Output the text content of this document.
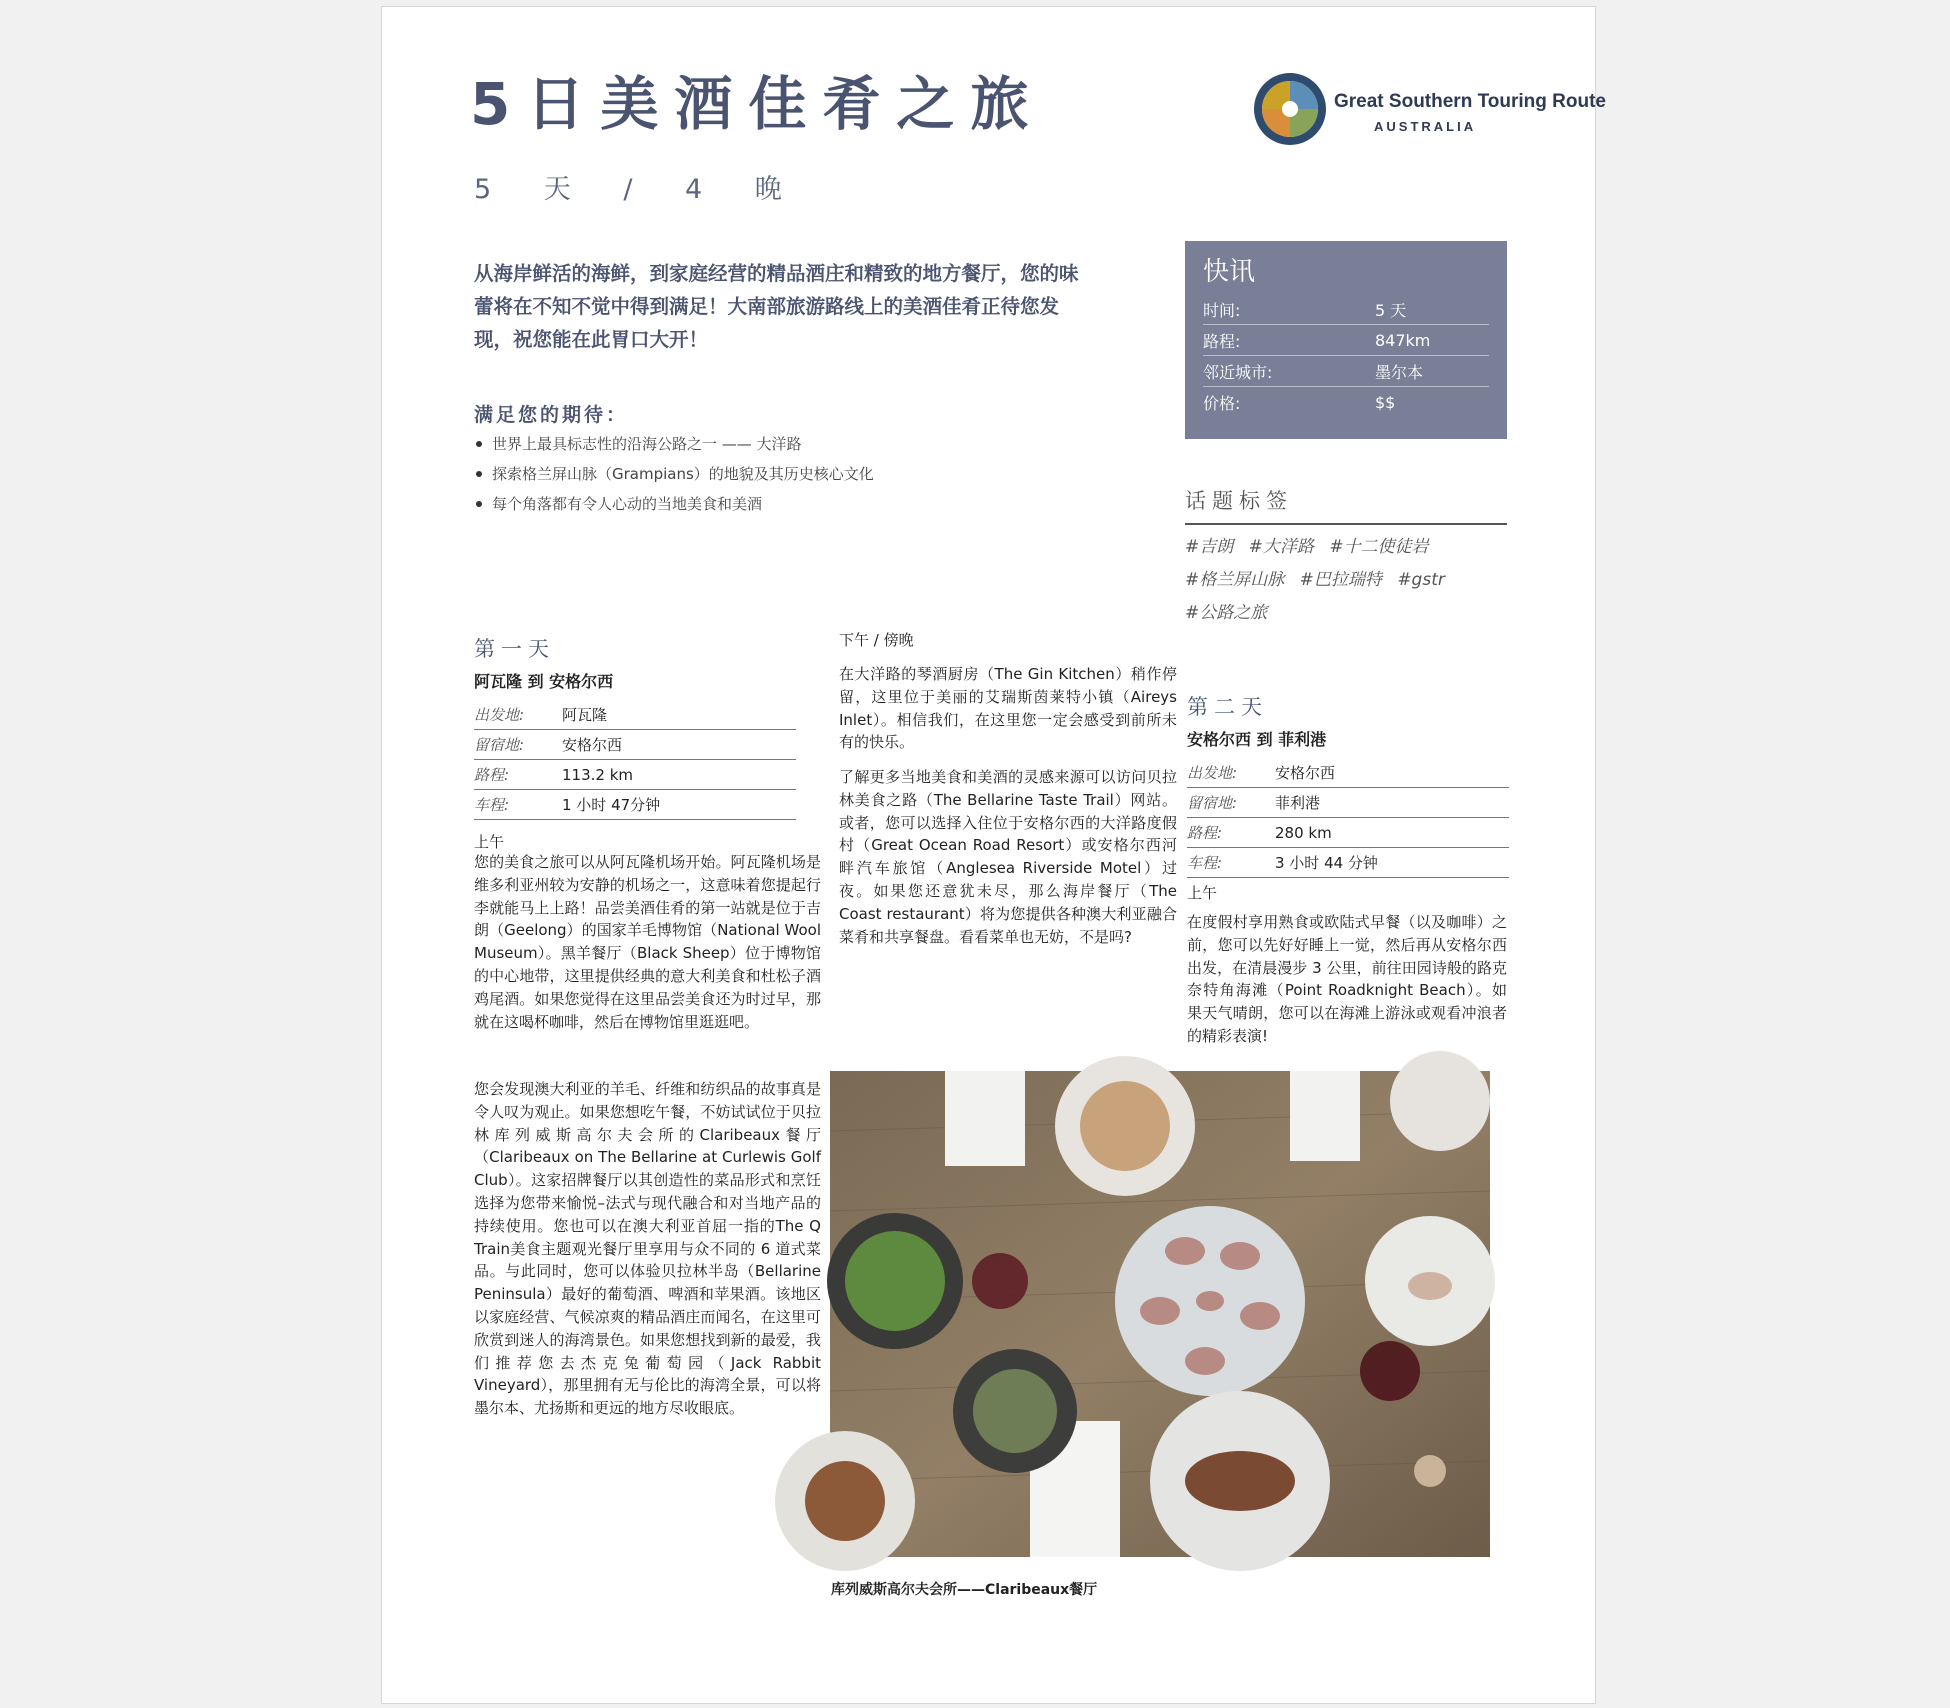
5日美酒佳肴之旅
5 天 / 4 晚
Great Southern Touring Route
AUSTRALIA
从海岸鲜活的海鲜，到家庭经营的精品酒庄和精致的地方餐厅，您的味蕾将在不知不觉中得到满足！大南部旅游路线上的美酒佳肴正待您发现，祝您能在此胃口大开！
满足您的期待：
世界上最具标志性的沿海公路之一 —— 大洋路
探索格兰屏山脉（Grampians）的地貌及其历史核心文化
每个角落都有令人心动的当地美食和美酒
快讯
时间:	5 天
路程:	847km
邻近城市:	墨尔本
价格:	$$
话题标签
#吉朗 #大洋路 #十二使徒岩
#格兰屏山脉 #巴拉瑞特 #gstr
#公路之旅
第一天
阿瓦隆 到 安格尔西
出发地:	阿瓦隆
留宿地:	安格尔西
路程:	113.2 km
车程:	1 小时 47分钟
上午
您的美食之旅可以从阿瓦隆机场开始。阿瓦隆机场是维多利亚州较为安静的机场之一，这意味着您提起行李就能马上上路！品尝美酒佳肴的第一站就是位于吉朗（Geelong）的国家羊毛博物馆（National Wool Museum）。黑羊餐厅（Black Sheep）位于博物馆的中心地带，这里提供经典的意大利美食和杜松子酒鸡尾酒。如果您觉得在这里品尝美食还为时过早，那就在这喝杯咖啡，然后在博物馆里逛逛吧。
您会发现澳大利亚的羊毛、纤维和纺织品的故事真是令人叹为观止。如果您想吃午餐，不妨试试位于贝拉林库列威斯高尔夫会所的Claribeaux餐厅（Claribeaux on The Bellarine at Curlewis Golf Club）。这家招牌餐厅以其创造性的菜品形式和烹饪选择为您带来愉悦–法式与现代融合和对当地产品的持续使用。您也可以在澳大利亚首屈一指的The Q Train美食主题观光餐厅里享用与众不同的 6 道式菜品。与此同时，您可以体验贝拉林半岛（Bellarine Peninsula）最好的葡萄酒、啤酒和苹果酒。该地区以家庭经营、气候凉爽的精品酒庄而闻名，在这里可欣赏到迷人的海湾景色。如果您想找到新的最爱，我们推荐您去杰克兔葡萄园（Jack Rabbit Vineyard），那里拥有无与伦比的海湾全景，可以将墨尔本、尤扬斯和更远的地方尽收眼底。
下午 / 傍晚
在大洋路的琴酒厨房（The Gin Kitchen）稍作停留，这里位于美丽的艾瑞斯茵莱特小镇（Aireys Inlet）。相信我们，在这里您一定会感受到前所未有的快乐。
了解更多当地美食和美酒的灵感来源可以访问贝拉林美食之路（The Bellarine Taste Trail）网站。或者，您可以选择入住位于安格尔西的大洋路度假村（Great Ocean Road Resort）或安格尔西河畔汽车旅馆（Anglesea Riverside Motel）过夜。如果您还意犹未尽，那么海岸餐厅（The Coast restaurant）将为您提供各种澳大利亚融合菜肴和共享餐盘。看看菜单也无妨，不是吗?
第二天
安格尔西 到 菲利港
出发地:	安格尔西
留宿地:	菲利港
路程:	280 km
车程:	3 小时 44 分钟
上午
在度假村享用熟食或欧陆式早餐（以及咖啡）之前，您可以先好好睡上一觉，然后再从安格尔西出发，在清晨漫步 3 公里，前往田园诗般的路克奈特角海滩（Point Roadknight Beach）。如果天气晴朗，您可以在海滩上游泳或观看冲浪者的精彩表演!
库列威斯高尔夫会所——Claribeaux餐厅
